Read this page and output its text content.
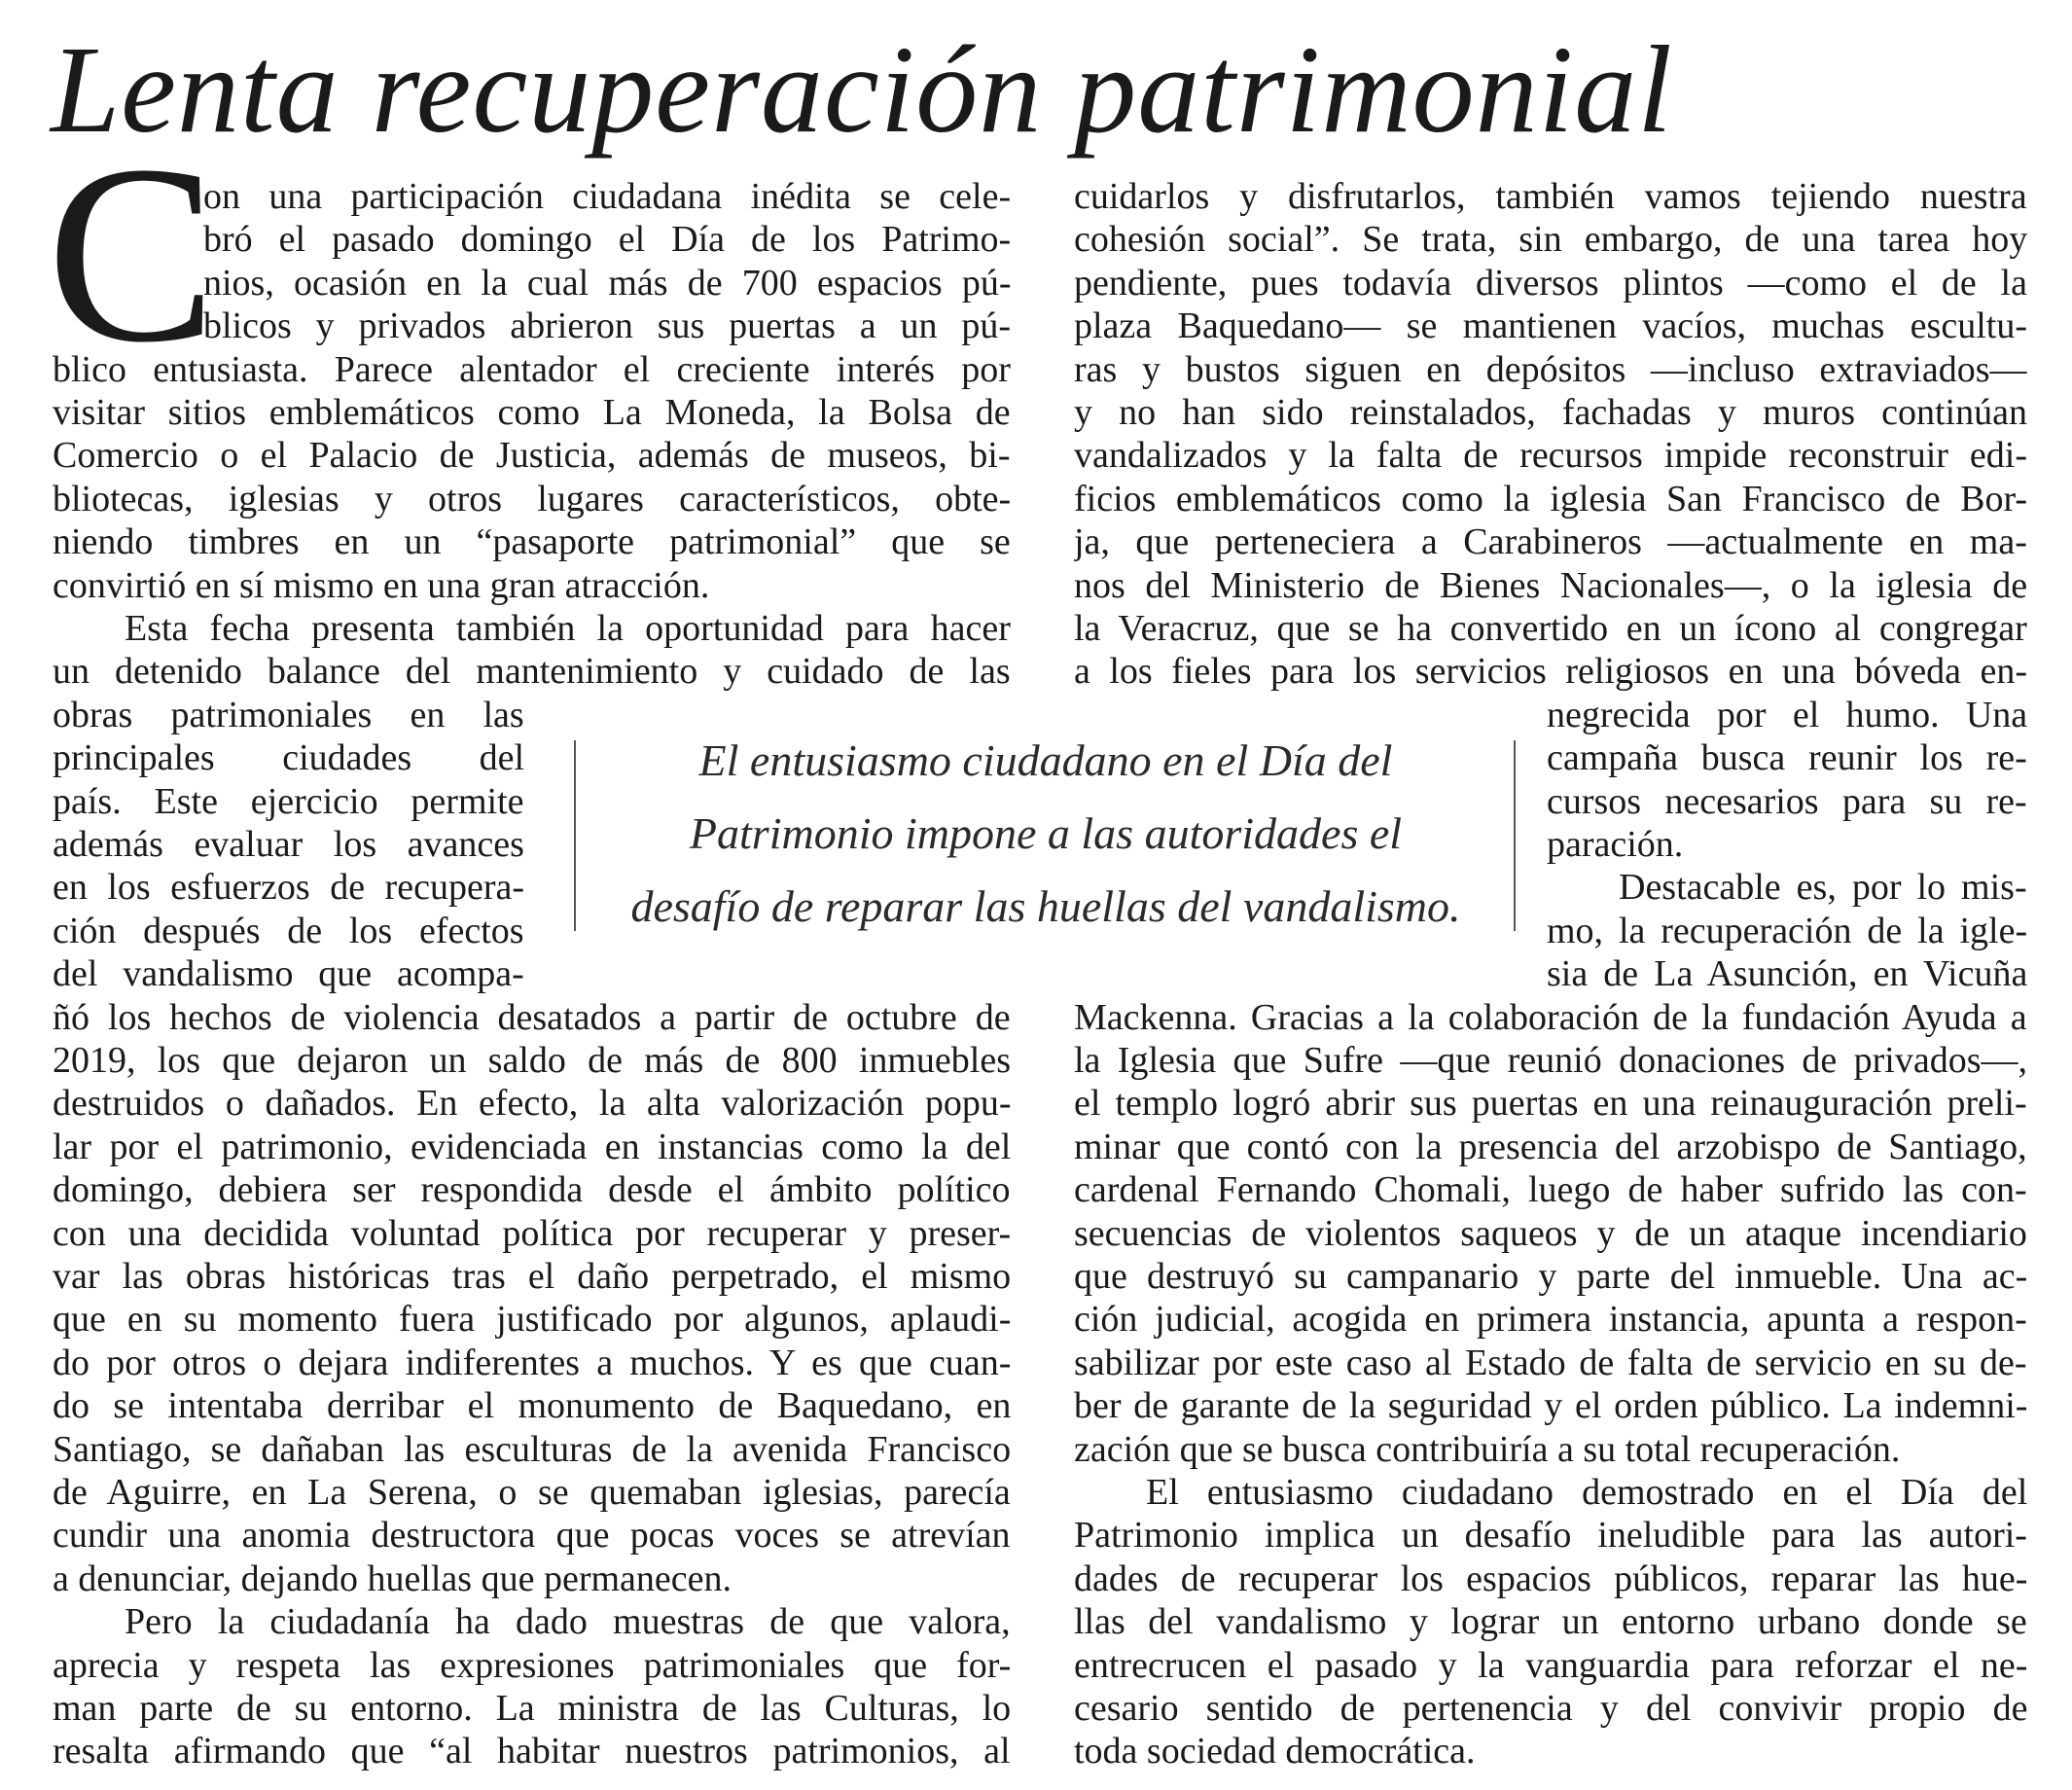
Lenta recuperación patrimonial
C
on una participación ciudadana inédita se cele-
bró el pasado domingo el Día de los Patrimo-
nios, ocasión en la cual más de 700 espacios pú-
blicos y privados abrieron sus puertas a un pú-
blico entusiasta. Parece alentador el creciente interés por
visitar sitios emblemáticos como La Moneda, la Bolsa de
Comercio o el Palacio de Justicia, además de museos, bi-
bliotecas, iglesias y otros lugares característicos, obte-
niendo timbres en un “pasaporte patrimonial” que se
convirtió en sí mismo en una gran atracción.
Esta fecha presenta también la oportunidad para hacer
un detenido balance del mantenimiento y cuidado de las
obras patrimoniales en las
principales ciudades del
país. Este ejercicio permite
además evaluar los avances
en los esfuerzos de recupera-
ción después de los efectos
del vandalismo que acompa-
ñó los hechos de violencia desatados a partir de octubre de
2019, los que dejaron un saldo de más de 800 inmuebles
destruidos o dañados. En efecto, la alta valorización popu-
lar por el patrimonio, evidenciada en instancias como la del
domingo, debiera ser respondida desde el ámbito político
con una decidida voluntad política por recuperar y preser-
var las obras históricas tras el daño perpetrado, el mismo
que en su momento fuera justificado por algunos, aplaudi-
do por otros o dejara indiferentes a muchos. Y es que cuan-
do se intentaba derribar el monumento de Baquedano, en
Santiago, se dañaban las esculturas de la avenida Francisco
de Aguirre, en La Serena, o se quemaban iglesias, parecía
cundir una anomia destructora que pocas voces se atrevían
a denunciar, dejando huellas que permanecen.
Pero la ciudadanía ha dado muestras de que valora,
aprecia y respeta las expresiones patrimoniales que for-
man parte de su entorno. La ministra de las Culturas, lo
resalta afirmando que “al habitar nuestros patrimonios, al
cuidarlos y disfrutarlos, también vamos tejiendo nuestra
cohesión social”. Se trata, sin embargo, de una tarea hoy
pendiente, pues todavía diversos plintos —como el de la
plaza Baquedano— se mantienen vacíos, muchas escultu-
ras y bustos siguen en depósitos —incluso extraviados—
y no han sido reinstalados, fachadas y muros continúan
vandalizados y la falta de recursos impide reconstruir edi-
ficios emblemáticos como la iglesia San Francisco de Bor-
ja, que perteneciera a Carabineros —actualmente en ma-
nos del Ministerio de Bienes Nacionales—, o la iglesia de
la Veracruz, que se ha convertido en un ícono al congregar
a los fieles para los servicios religiosos en una bóveda en-
negrecida por el humo. Una
campaña busca reunir los re-
cursos necesarios para su re-
paración.
Destacable es, por lo mis-
mo, la recuperación de la igle-
sia de La Asunción, en Vicuña
Mackenna. Gracias a la colaboración de la fundación Ayuda a
la Iglesia que Sufre —que reunió donaciones de privados—,
el templo logró abrir sus puertas en una reinauguración preli-
minar que contó con la presencia del arzobispo de Santiago,
cardenal Fernando Chomali, luego de haber sufrido las con-
secuencias de violentos saqueos y de un ataque incendiario
que destruyó su campanario y parte del inmueble. Una ac-
ción judicial, acogida en primera instancia, apunta a respon-
sabilizar por este caso al Estado de falta de servicio en su de-
ber de garante de la seguridad y el orden público. La indemni-
zación que se busca contribuiría a su total recuperación.
El entusiasmo ciudadano demostrado en el Día del
Patrimonio implica un desafío ineludible para las autori-
dades de recuperar los espacios públicos, reparar las hue-
llas del vandalismo y lograr un entorno urbano donde se
entrecrucen el pasado y la vanguardia para reforzar el ne-
cesario sentido de pertenencia y del convivir propio de
toda sociedad democrática.
El entusiasmo ciudadano en el Día del
Patrimonio impone a las autoridades el
desafío de reparar las huellas del vandalismo.
